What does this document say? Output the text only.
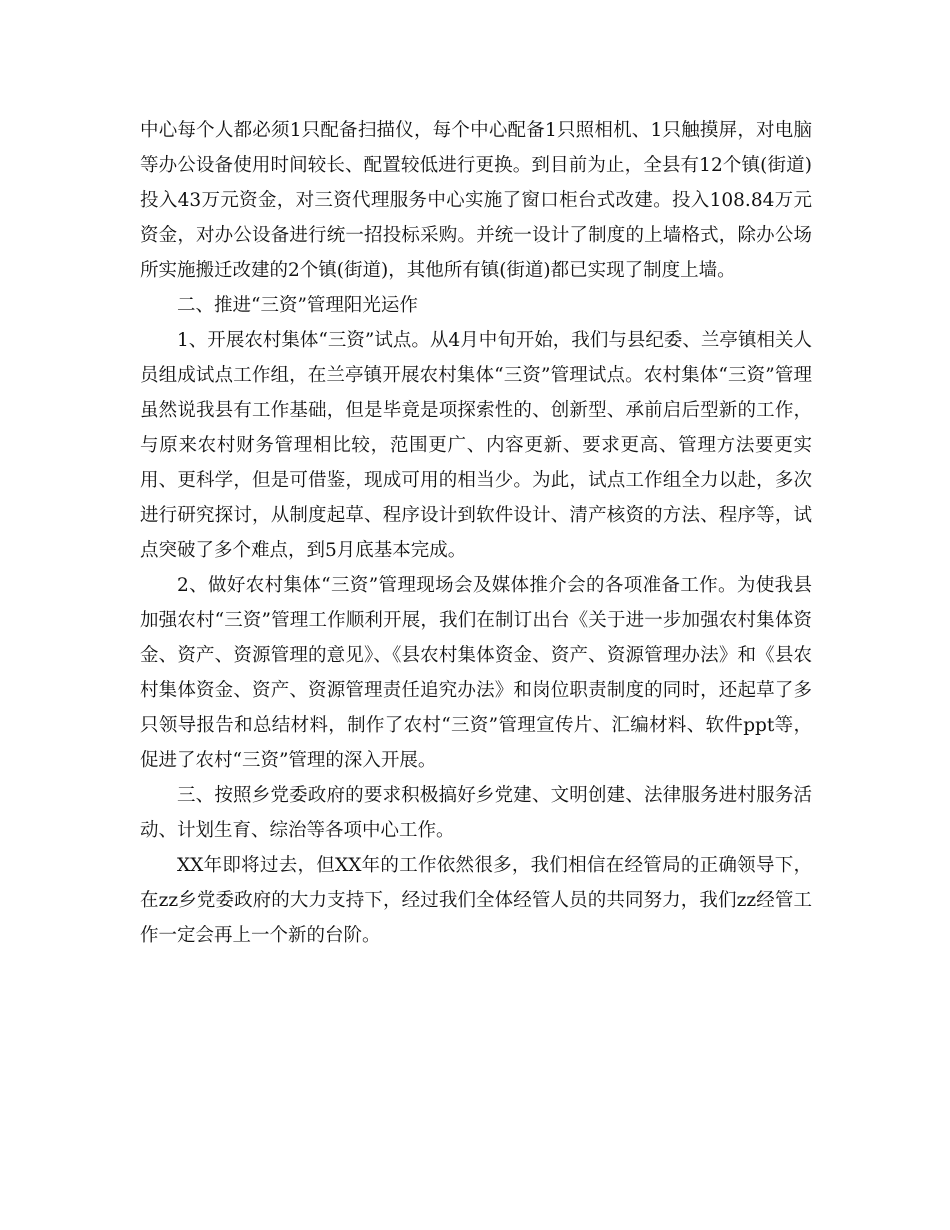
中心每个人都必须1只配备扫描仪，每个中心配备1只照相机、1只触摸屏，对电脑等办公设备使用时间较长、配置较低进行更换。到目前为止，全县有12个镇(街道)投入43万元资金，对三资代理服务中心实施了窗口柜台式改建。投入108.84万元资金，对办公设备进行统一招投标采购。并统一设计了制度的上墙格式，除办公场所实施搬迁改建的2个镇(街道)，其他所有镇(街道)都已实现了制度上墙。

二、推进“三资”管理阳光运作

1、开展农村集体“三资”试点。从4月中旬开始，我们与县纪委、兰亭镇相关人员组成试点工作组，在兰亭镇开展农村集体“三资”管理试点。农村集体“三资”管理虽然说我县有工作基础，但是毕竟是项探索性的、创新型、承前启后型新的工作，与原来农村财务管理相比较，范围更广、内容更新、要求更高、管理方法要更实用、更科学，但是可借鉴，现成可用的相当少。为此，试点工作组全力以赴，多次进行研究探讨，从制度起草、程序设计到软件设计、清产核资的方法、程序等，试点突破了多个难点，到5月底基本完成。

2、做好农村集体“三资”管理现场会及媒体推介会的各项准备工作。为使我县加强农村“三资”管理工作顺利开展，我们在制订出台《关于进一步加强农村集体资金、资产、资源管理的意见》、《县农村集体资金、资产、资源管理办法》和《县农村集体资金、资产、资源管理责任追究办法》和岗位职责制度的同时，还起草了多只领导报告和总结材料，制作了农村“三资”管理宣传片、汇编材料、软件ppt等，促进了农村“三资”管理的深入开展。

三、按照乡党委政府的要求积极搞好乡党建、文明创建、法律服务进村服务活动、计划生育、综治等各项中心工作。

XX年即将过去，但XX年的工作依然很多，我们相信在经管局的正确领导下，在zz乡党委政府的大力支持下，经过我们全体经管人员的共同努力，我们zz经管工作一定会再上一个新的台阶。
